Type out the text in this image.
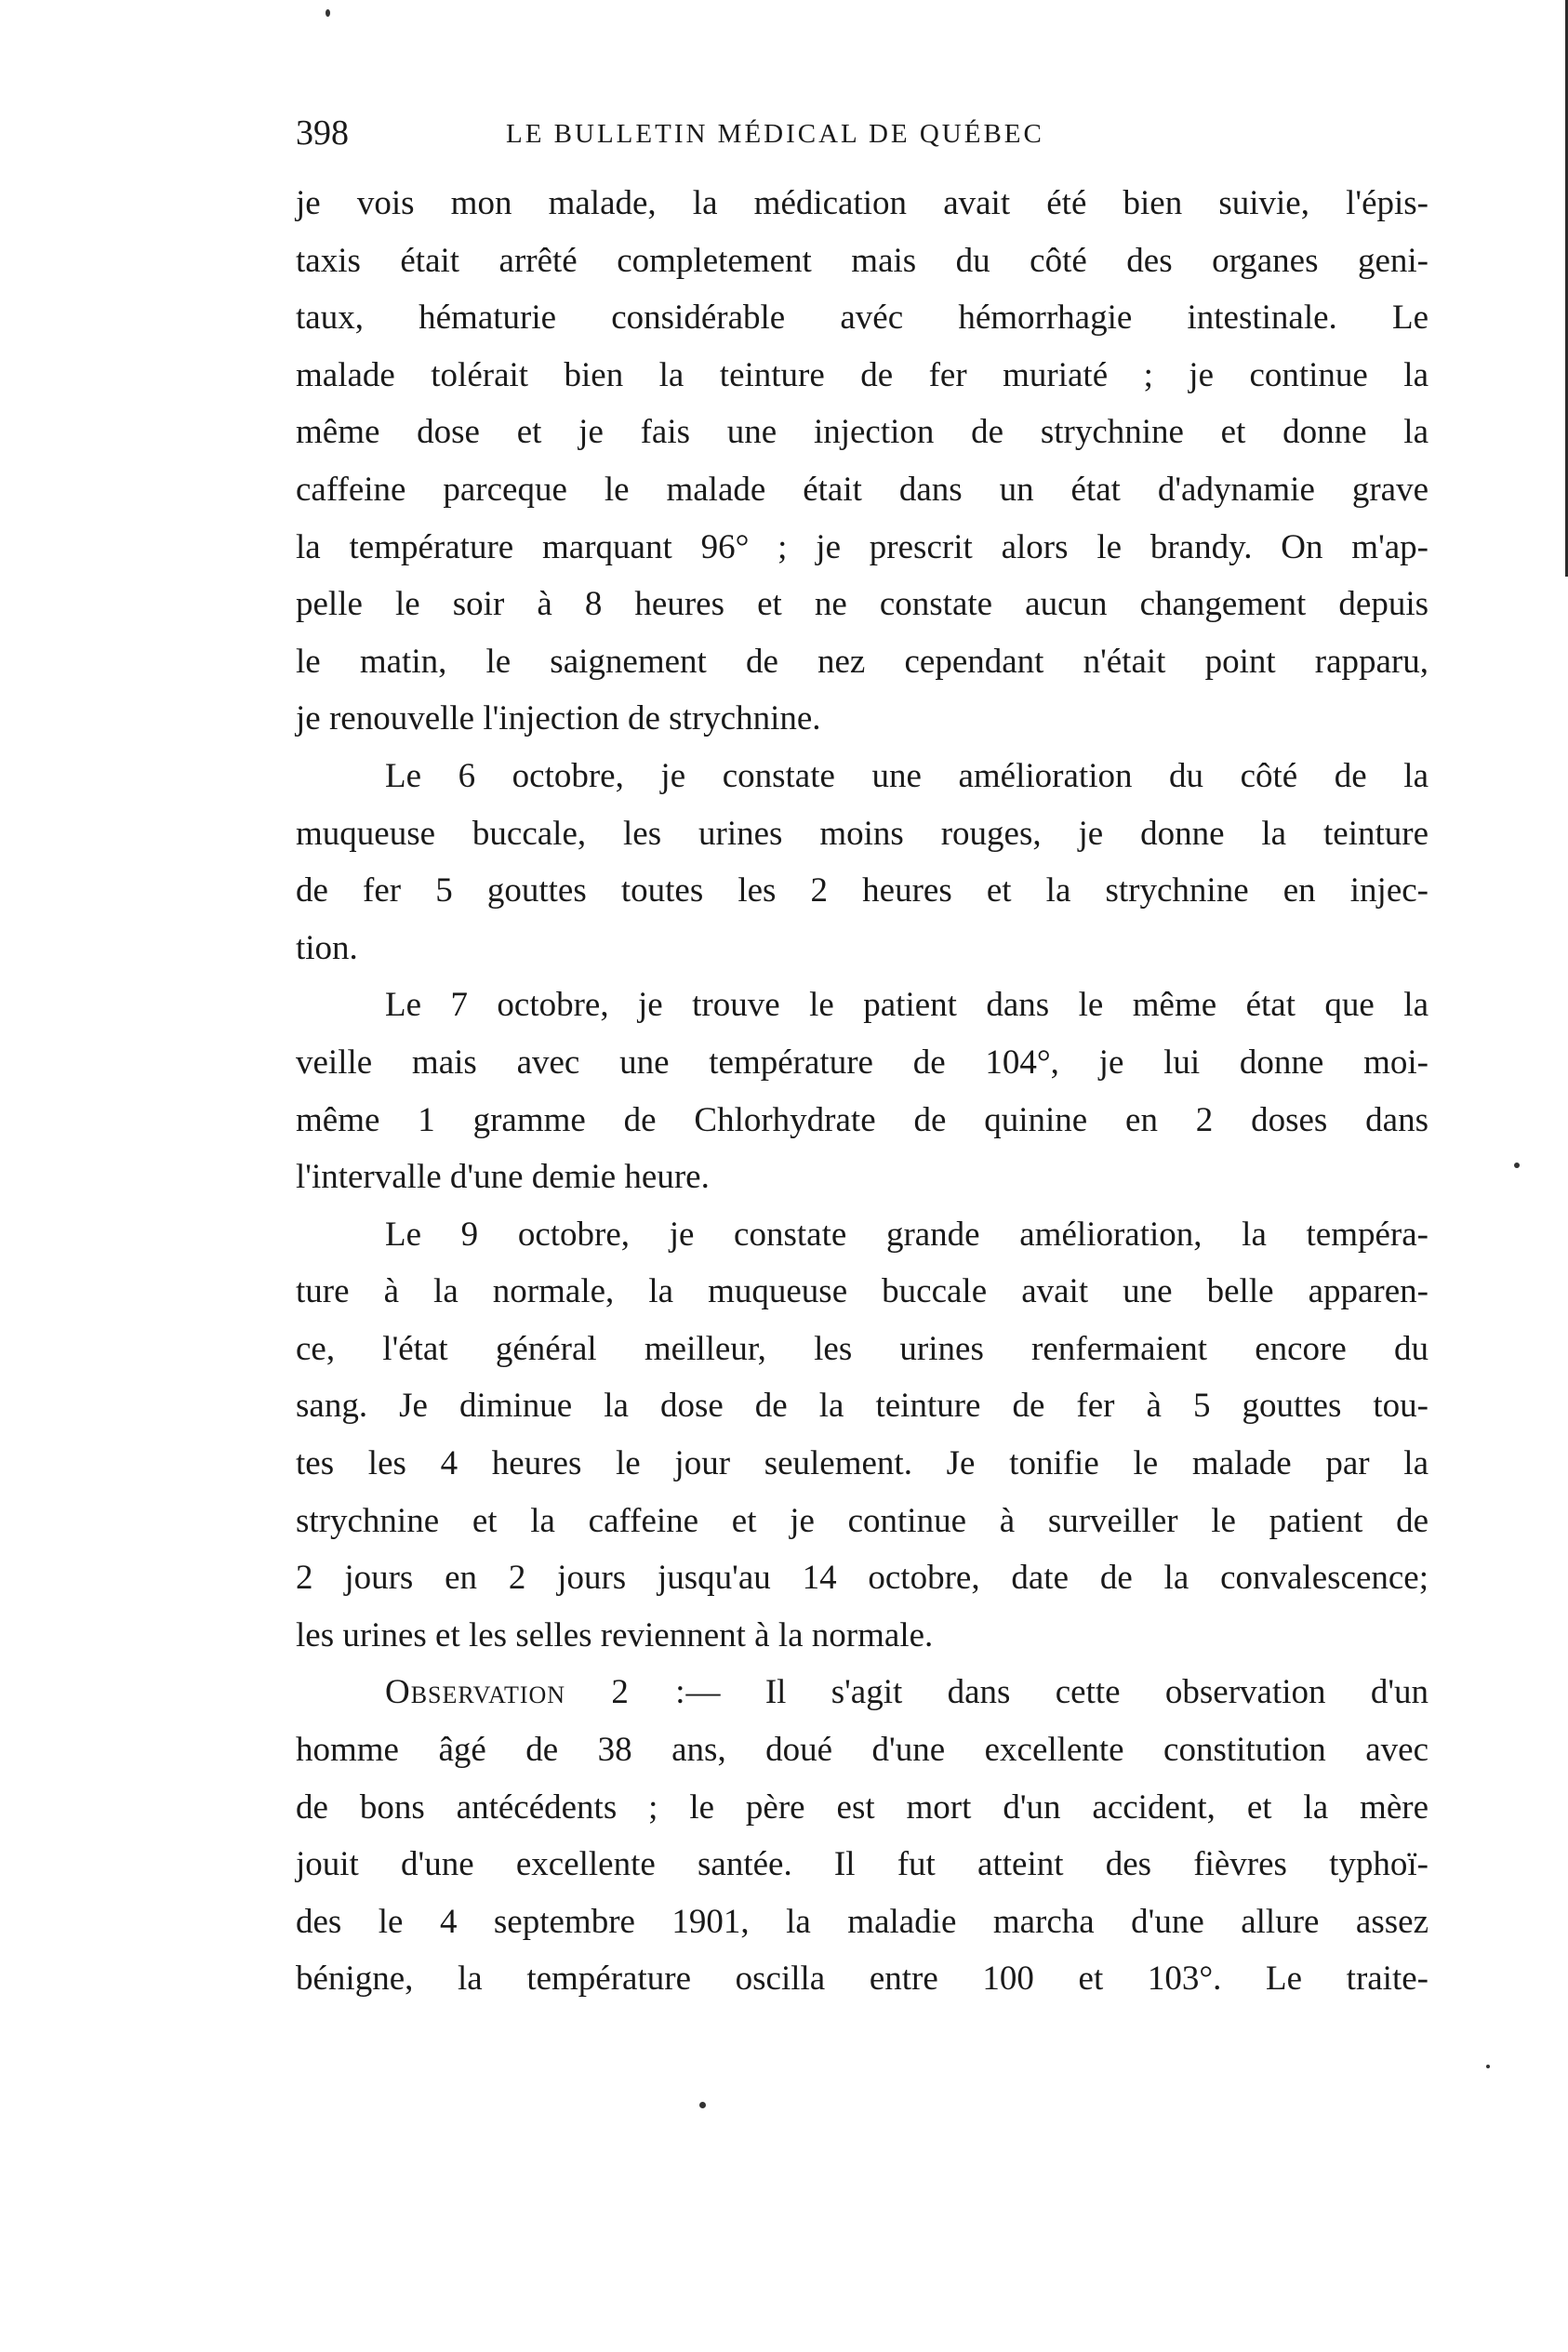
398	LE BULLETIN MÉDICAL DE QUÉBEC
je vois mon malade, la médication avait été bien suivie, l'épis-
taxis était arrêté completement mais du côté des organes geni-
taux, hématurie considérable avéc hémorrhagie intestinale. Le
malade tolérait bien la teinture de fer muriaté ; je continue la
même dose et je fais une injection de strychnine et donne la
caffeine parceque le malade était dans un état d'adynamie grave
la température marquant 96° ; je prescrit alors le brandy. On m'ap-
pelle le soir à 8 heures et ne constate aucun changement depuis
le matin, le saignement de nez cependant n'était point rapparu,
je renouvelle l'injection de strychnine.
Le 6 octobre, je constate une amélioration du côté de la
muqueuse buccale, les urines moins rouges, je donne la teinture
de fer 5 gouttes toutes les 2 heures et la strychnine en injec-
tion.
Le 7 octobre, je trouve le patient dans le même état que la
veille mais avec une température de 104°, je lui donne moi-
même 1 gramme de Chlorhydrate de quinine en 2 doses dans
l'intervalle d'une demie heure.
Le 9 octobre, je constate grande amélioration, la tempéra-
ture à la normale, la muqueuse buccale avait une belle apparen-
ce, l'état général meilleur, les urines renfermaient encore du
sang. Je diminue la dose de la teinture de fer à 5 gouttes tou-
tes les 4 heures le jour seulement. Je tonifie le malade par la
strychnine et la caffeine et je continue à surveiller le patient de
2 jours en 2 jours jusqu'au 14 octobre, date de la convalescence;
les urines et les selles reviennent à la normale.
Observation 2 :— Il s'agit dans cette observation d'un
homme âgé de 38 ans, doué d'une excellente constitution avec
de bons antécédents ; le père est mort d'un accident, et la mère
jouit d'une excellente santée. Il fut atteint des fièvres typhoï-
des le 4 septembre 1901, la maladie marcha d'une allure assez
bénigne, la température oscilla entre 100 et 103°. Le traite-
